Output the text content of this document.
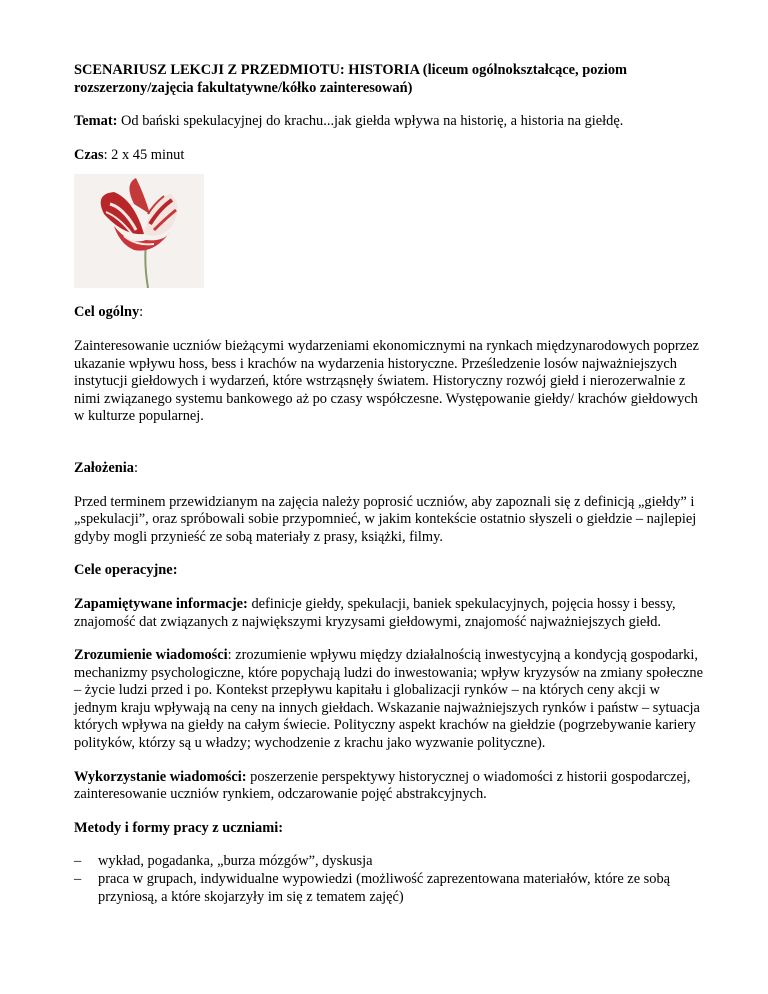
SCENARIUSZ LEKCJI Z PRZEDMIOTU: HISTORIA (liceum ogólnokształcące, poziom rozszerzony/zajęcia fakultatywne/kółko zainteresowań)

Temat: Od bański spekulacyjnej do krachu...jak giełda wpływa na historię, a historia na giełdę.

Czas: 2 x 45 minut

Cel ogólny:

Zainteresowanie uczniów bieżącymi wydarzeniami ekonomicznymi na rynkach międzynarodowych poprzez ukazanie wpływu hoss, bess i krachów na wydarzenia historyczne. Prześledzenie losów najważniejszych instytucji giełdowych i wydarzeń, które wstrząsnęły światem. Historyczny rozwój giełd i nierozerwalnie z nimi związanego systemu bankowego aż po czasy współczesne. Występowanie giełdy/ krachów giełdowych w kulturze popularnej.

Założenia:

Przed terminem przewidzianym na zajęcia należy poprosić uczniów, aby zapoznali się z definicją „giełdy” i „spekulacji”, oraz spróbowali sobie przypomnieć, w jakim kontekście ostatnio słyszeli o giełdzie – najlepiej gdyby mogli przynieść ze sobą materiały z prasy, książki, filmy.

Cele operacyjne:

Zapamiętywane informacje: definicje giełdy, spekulacji, baniek spekulacyjnych, pojęcia hossy i bessy, znajomość dat związanych z największymi kryzysami giełdowymi, znajomość najważniejszych giełd.

Zrozumienie wiadomości: zrozumienie wpływu między działalnością inwestycyjną a kondycją gospodarki, mechanizmy psychologiczne, które popychają ludzi do inwestowania; wpływ kryzysów na zmiany społeczne – życie ludzi przed i po. Kontekst przepływu kapitału i globalizacji rynków – na których ceny akcji w jednym kraju wpływają na ceny na innych giełdach. Wskazanie najważniejszych rynków i państw – sytuacja których wpływa na giełdy na całym świecie. Polityczny aspekt krachów na giełdzie (pogrzebywanie kariery polityków, którzy są u władzy; wychodzenie z krachu jako wyzwanie polityczne).

Wykorzystanie wiadomości: poszerzenie perspektywy historycznej o wiadomości z historii gospodarczej, zainteresowanie uczniów rynkiem, odczarowanie pojęć abstrakcyjnych.

Metody i formy pracy z uczniami:

– wykład, pogadanka, „burza mózgów”, dyskusja
– praca w grupach, indywidualne wypowiedzi (możliwość zaprezentowana materiałów, które ze sobą przyniosą, a które skojarzyły im się z tematem zajęć)
